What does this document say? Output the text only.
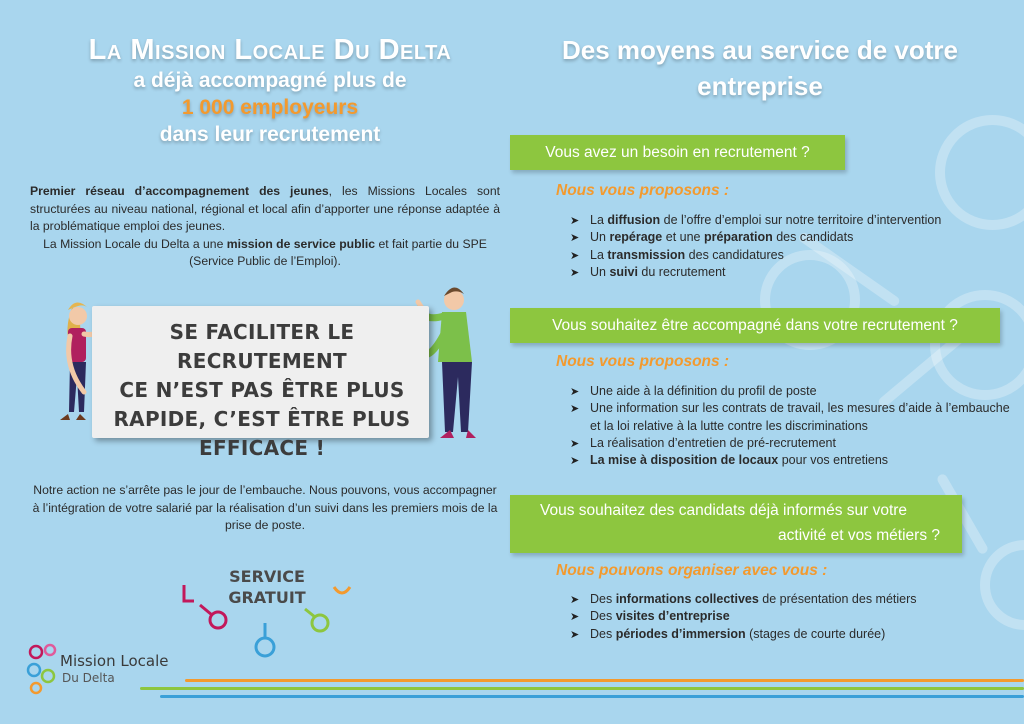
La Mission Locale Du Delta
a déjà accompagné plus de
1 000 employeurs
dans leur recrutement
Des moyens au service de votre
entreprise

Premier réseau d’accompagnement des jeunes, les Missions Locales sont structurées au niveau national, régional et local afin d’apporter une réponse adaptée à la problématique emploi des jeunes.

La Mission Locale du Delta a une mission de service public et fait partie du SPE (Service Public de l’Emploi).

SE FACILITER LE RECRUTEMENT
CE N’EST PAS ÊTRE PLUS
RAPIDE, C’EST ÊTRE PLUS
EFFICACE !
Notre action ne s’arrête pas le jour de l’embauche. Nous pouvons, vous accompagner à l’intégration de votre salarié par la réalisation d’un suivi dans les premiers mois de la prise de poste.
SERVICE
GRATUIT
Mission Locale
Du Delta
Vous avez un besoin en recrutement ?
Nous vous proposons :
➤ La diffusion de l’offre d’emploi sur notre territoire d’intervention
➤ Un repérage et une préparation des candidats
➤ La transmission des candidatures
➤ Un suivi du recrutement
Vous souhaitez être accompagné dans votre recrutement ?
Nous vous proposons :
➤ Une aide à la définition du profil de poste
➤ Une information sur les contrats de travail, les mesures d’aide à l’embauche et la loi relative à la lutte contre les discriminations
➤ La réalisation d’entretien de pré-recrutement
➤ La mise à disposition de locaux pour vos entretiens
Vous souhaitez des candidats déjà informés sur votre
activité et vos métiers ?
Nous pouvons organiser avec vous :
➤ Des informations collectives de présentation des métiers
➤ Des visites d’entreprise
➤ Des périodes d’immersion (stages de courte durée)
